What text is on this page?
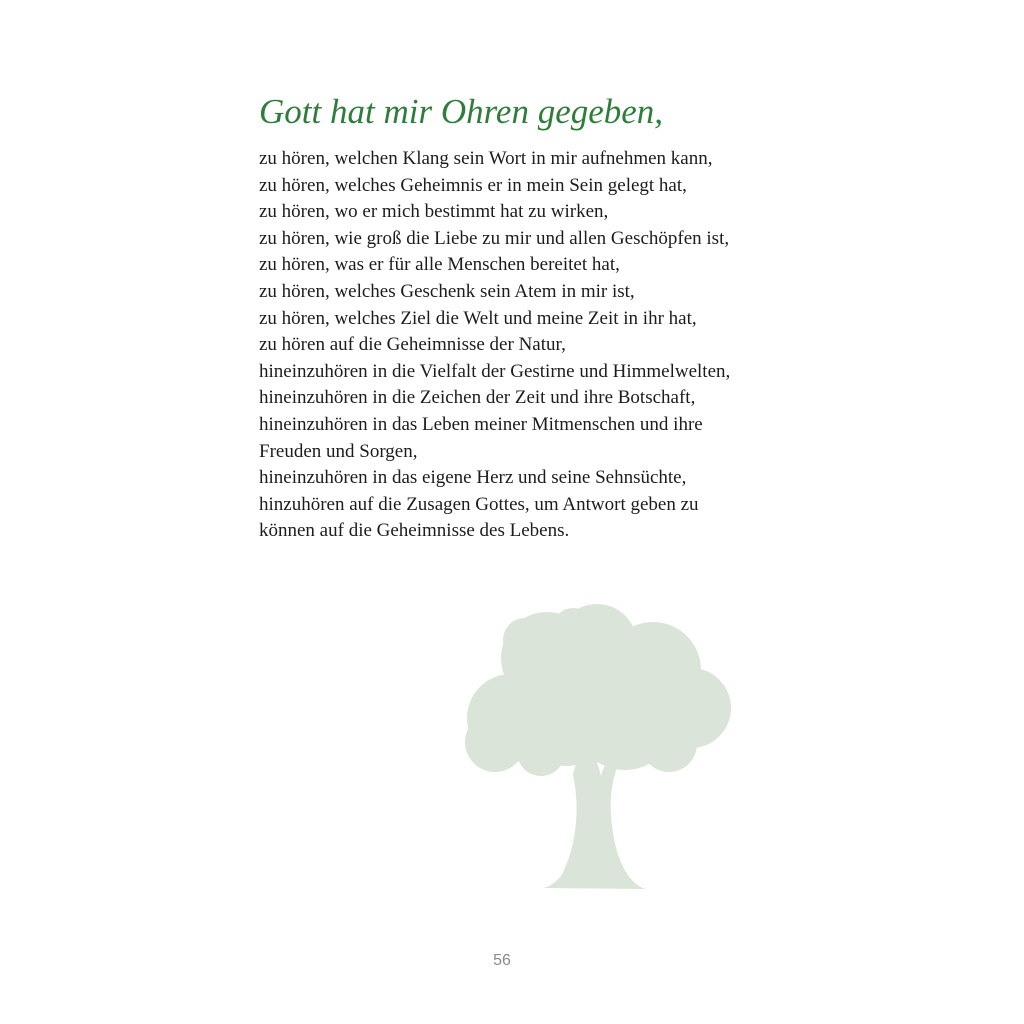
Gott hat mir Ohren gegeben,
zu hören, welchen Klang sein Wort in mir aufnehmen kann,
zu hören, welches Geheimnis er in mein Sein gelegt hat,
zu hören, wo er mich bestimmt hat zu wirken,
zu hören, wie groß die Liebe zu mir und allen Geschöpfen ist,
zu hören, was er für alle Menschen bereitet hat,
zu hören, welches Geschenk sein Atem in mir ist,
zu hören, welches Ziel die Welt und meine Zeit in ihr hat,
zu hören auf die Geheimnisse der Natur,
hineinzuhören in die Vielfalt der Gestirne und Himmelwelten,
hineinzuhören in die Zeichen der Zeit und ihre Botschaft,
hineinzuhören in das Leben meiner Mitmenschen und ihre
Freuden und Sorgen,
hineinzuhören in das eigene Herz und seine Sehnsüchte,
hinzuhören auf die Zusagen Gottes, um Antwort geben zu
können auf die Geheimnisse des Lebens.
56
